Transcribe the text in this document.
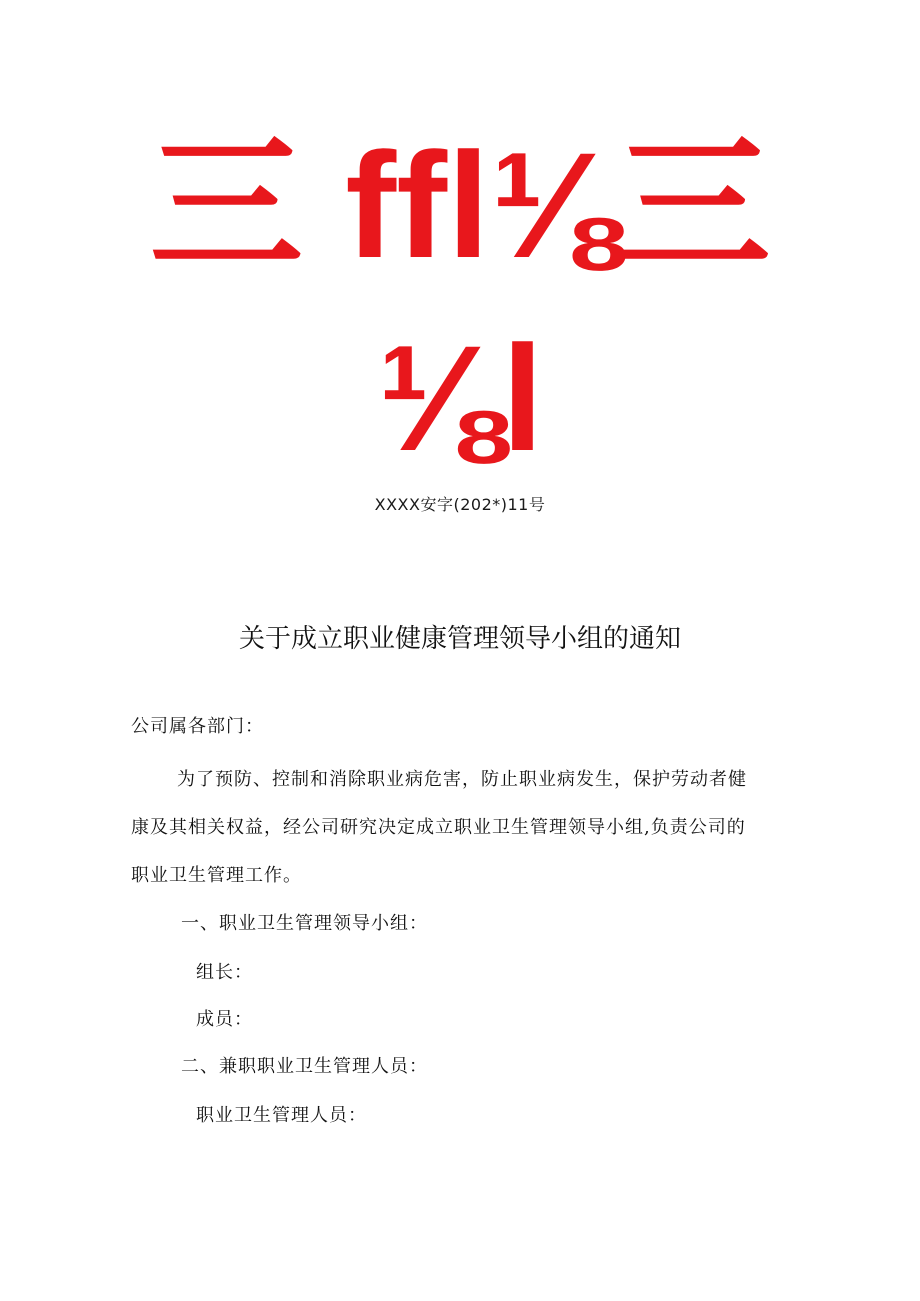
三 ffl⅛三
⅛l
XXXX安字(202*)11号
关于成立职业健康管理领导小组的通知
公司属各部门：
为了预防、控制和消除职业病危害，防止职业病发生，保护劳动者健
康及其相关权益，经公司研究决定成立职业卫生管理领导小组,负责公司的
职业卫生管理工作。
一、职业卫生管理领导小组：
组长：
成员：
二、兼职职业卫生管理人员：
职业卫生管理人员：
